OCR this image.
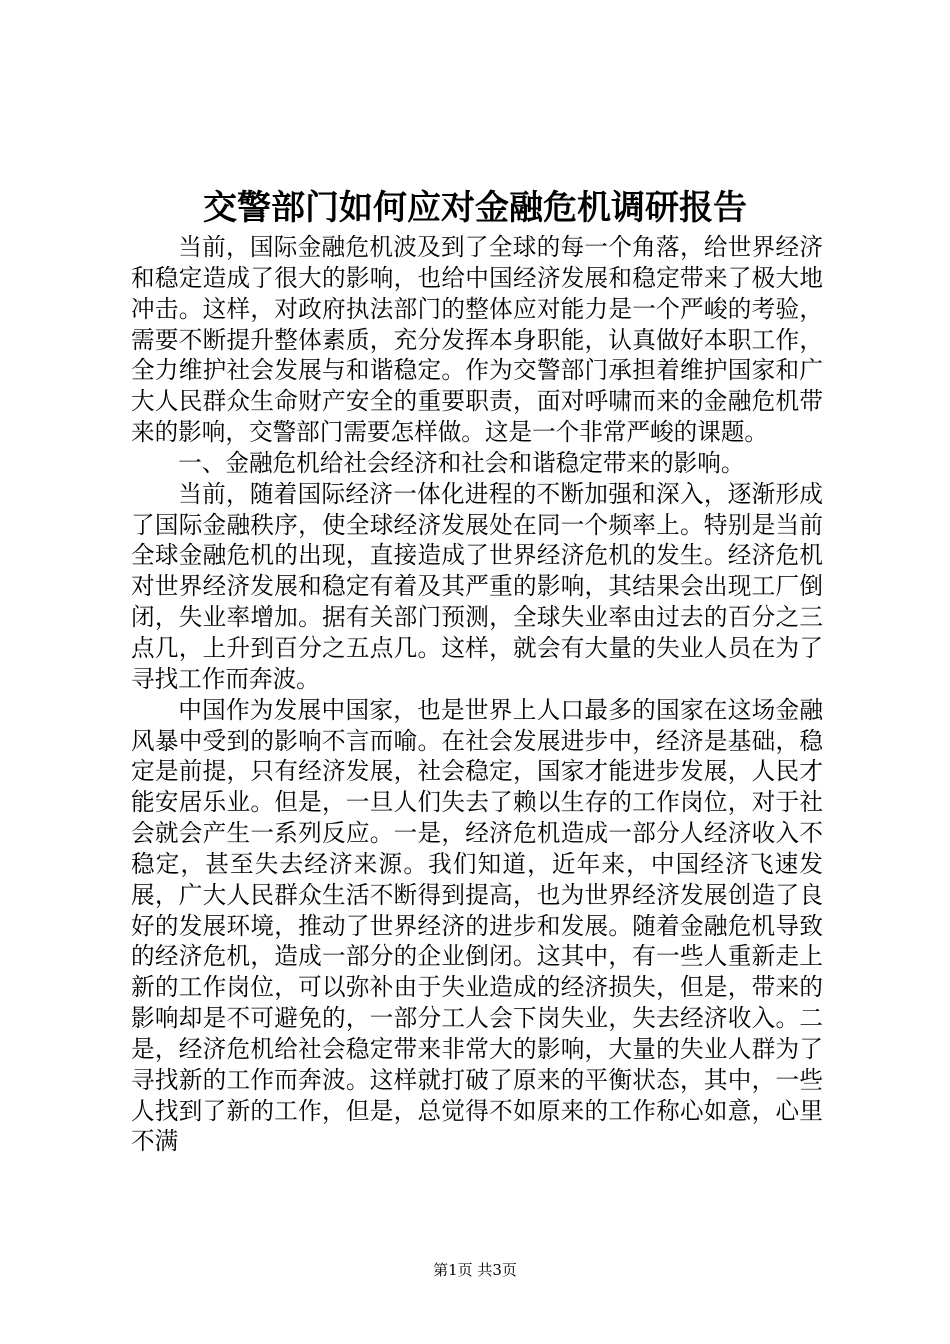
交警部门如何应对金融危机调研报告

当前，国际金融危机波及到了全球的每一个角落，给世界经济和稳定造成了很大的影响，也给中国经济发展和稳定带来了极大地冲击。这样，对政府执法部门的整体应对能力是一个严峻的考验，需要不断提升整体素质，充分发挥本身职能，认真做好本职工作，全力维护社会发展与和谐稳定。作为交警部门承担着维护国家和广大人民群众生命财产安全的重要职责，面对呼啸而来的金融危机带来的影响，交警部门需要怎样做。这是一个非常严峻的课题。

一、金融危机给社会经济和社会和谐稳定带来的影响。

当前，随着国际经济一体化进程的不断加强和深入，逐渐形成了国际金融秩序，使全球经济发展处在同一个频率上。特别是当前全球金融危机的出现，直接造成了世界经济危机的发生。经济危机对世界经济发展和稳定有着及其严重的影响，其结果会出现工厂倒闭，失业率增加。据有关部门预测，全球失业率由过去的百分之三点几，上升到百分之五点几。这样，就会有大量的失业人员在为了寻找工作而奔波。

中国作为发展中国家，也是世界上人口最多的国家在这场金融风暴中受到的影响不言而喻。在社会发展进步中，经济是基础，稳定是前提，只有经济发展，社会稳定，国家才能进步发展，人民才能安居乐业。但是，一旦人们失去了赖以生存的工作岗位，对于社会就会产生一系列反应。一是，经济危机造成一部分人经济收入不稳定，甚至失去经济来源。我们知道，近年来，中国经济飞速发展，广大人民群众生活不断得到提高，也为世界经济发展创造了良好的发展环境，推动了世界经济的进步和发展。随着金融危机导致的经济危机，造成一部分的企业倒闭。这其中，有一些人重新走上新的工作岗位，可以弥补由于失业造成的经济损失，但是，带来的影响却是不可避免的，一部分工人会下岗失业，失去经济收入。二是，经济危机给社会稳定带来非常大的影响，大量的失业人群为了寻找新的工作而奔波。这样就打破了原来的平衡状态，其中，一些人找到了新的工作，但是，总觉得不如原来的工作称心如意，心里不满

第1页 共3页
